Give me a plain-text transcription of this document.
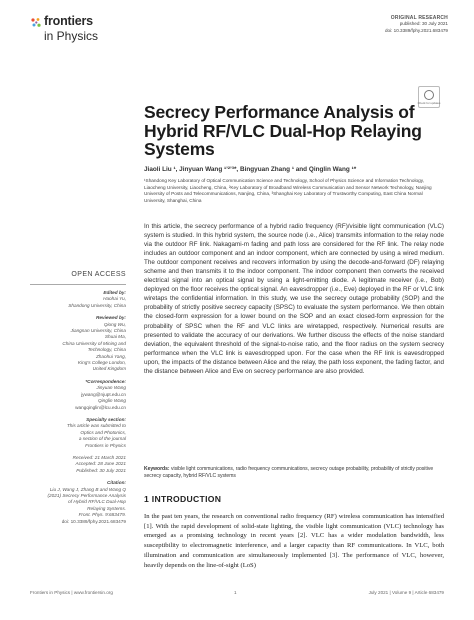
frontiers
in Physics
ORIGINAL RESEARCH
published: 30 July 2021
doi: 10.3389/fphy.2021.683479
Check for updates
Secrecy Performance Analysis of Hybrid RF/VLC Dual-Hop Relaying Systems
Jiaoli Liu ¹, Jinyuan Wang ¹ʼ²ʼ³*, Bingyuan Zhang ¹ and Qinglin Wang ¹*
¹Shandong Key Laboratory of Optical Communication Science and Technology, School of Physics Science and Information Technology, Liaocheng University, Liaocheng, China, ²Key Laboratory of Broadband Wireless Communication and Sensor Network Technology, Nanjing University of Posts and Telecommunications, Nanjing, China, ³Shanghai Key Laboratory of Trustworthy Computing, East China Normal University, Shanghai, China
In this article, the secrecy performance of a hybrid radio frequency (RF)/visible light communication (VLC) system is studied. In this hybrid system, the source node (i.e., Alice) transmits information to the relay node via the outdoor RF link. Nakagami-m fading and path loss are considered for the RF link. The relay node includes an outdoor component and an indoor component, which are connected by using a wired medium. The outdoor component receives and recovers information by using the decode-and-forward (DF) relaying scheme and then transmits it to the indoor component. The indoor component then converts the received electrical signal into an optical signal by using a light-emitting diode. A legitimate receiver (i.e., Bob) deployed on the floor receives the optical signal. An eavesdropper (i.e., Eve) deployed in the RF or VLC link wiretaps the confidential information. In this study, we use the secrecy outage probability (SOP) and the probability of strictly positive secrecy capacity (SPSC) to evaluate the system performance. We then obtain the closed-form expression for a lower bound on the SOP and an exact closed-form expression for the probability of SPSC when the RF and VLC links are wiretapped, respectively. Numerical results are presented to validate the accuracy of our derivations. We further discuss the effects of the noise standard deviation, the equivalent threshold of the signal-to-noise ratio, and the floor radius on the system secrecy performance when the VLC link is eavesdropped upon. For the case when the RF link is eavesdropped upon, the impacts of the distance between Alice and the relay, the path loss exponent, the fading factor, and the distance between Alice and Eve on secrecy performance are also provided.
Keywords: visible light communications, radio frequency communications, secrecy outage probability, probability of strictly positive secrecy capacity, hybrid RF/VLC systems
1 INTRODUCTION
In the past ten years, the research on conventional radio frequency (RF) wireless communication has intensified [1]. With the rapid development of solid-state lighting, the visible light communication (VLC) technology has emerged as a promising technology in recent years [2]. VLC has a wider modulation bandwidth, less susceptibility to electromagnetic interference, and a larger capacity than RF communications. In VLC, both illumination and communication are simultaneously implemented [3]. The performance of VLC, however, heavily depends on the line-of-sight (LoS)
OPEN ACCESS
Edited by:
Haohai Yu,
Shandong University, China
Reviewed by:
Qiong Wu,
Jiangnan University, China
Shuai Ma,
China University of Mining and
Technology, China
Zhaohui Yang,
King's College London,
United Kingdom
*Correspondence:
Jinyuan Wang
jywang@njupt.edu.cn
Qinglin Wang
wangqinglin@lcu.edu.cn
Specialty section:
This article was submitted to
Optics and Photonics,
a section of the journal
Frontiers in Physics
Received: 21 March 2021
Accepted: 28 June 2021
Published: 30 July 2021
Citation:
Liu J, Wang J, Zhang B and Wang Q
(2021) Secrecy Performance Analysis
of Hybrid RF/VLC Dual-Hop
Relaying Systems.
Front. Phys. 9:683479.
doi: 10.3389/fphy.2021.683479
Frontiers in Physics | www.frontiersin.org	1	July 2021 | Volume 9 | Article 683479
